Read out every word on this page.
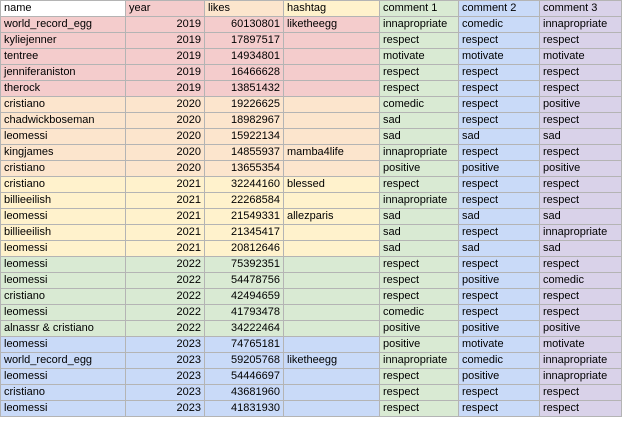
name	year	likes	hashtag	comment 1	comment 2	comment 3
world_record_egg	2019	60130801	liketheegg	innapropriate	comedic	innapropriate
kyliejenner	2019	17897517		respect	respect	respect
tentree	2019	14934801		motivate	motivate	motivate
jenniferaniston	2019	16466628		respect	respect	respect
therock	2019	13851432		respect	respect	respect
cristiano	2020	19226625		comedic	respect	positive
chadwickboseman	2020	18982967		sad	respect	respect
leomessi	2020	15922134		sad	sad	sad
kingjames	2020	14855937	mamba4life	innapropriate	respect	respect
cristiano	2020	13655354		positive	positive	positive
cristiano	2021	32244160	blessed	respect	respect	respect
billieeilish	2021	22268584		innapropriate	respect	respect
leomessi	2021	21549331	allezparis	sad	sad	sad
billieeilish	2021	21345417		sad	respect	innapropriate
leomessi	2021	20812646		sad	sad	sad
leomessi	2022	75392351		respect	respect	respect
leomessi	2022	54478756		respect	positive	comedic
cristiano	2022	42494659		respect	respect	respect
leomessi	2022	41793478		comedic	respect	respect
alnassr & cristiano	2022	34222464		positive	positive	positive
leomessi	2023	74765181		positive	motivate	motivate
world_record_egg	2023	59205768	liketheegg	innapropriate	comedic	innapropriate
leomessi	2023	54446697		respect	positive	innapropriate
cristiano	2023	43681960		respect	respect	respect
leomessi	2023	41831930		respect	respect	respect
